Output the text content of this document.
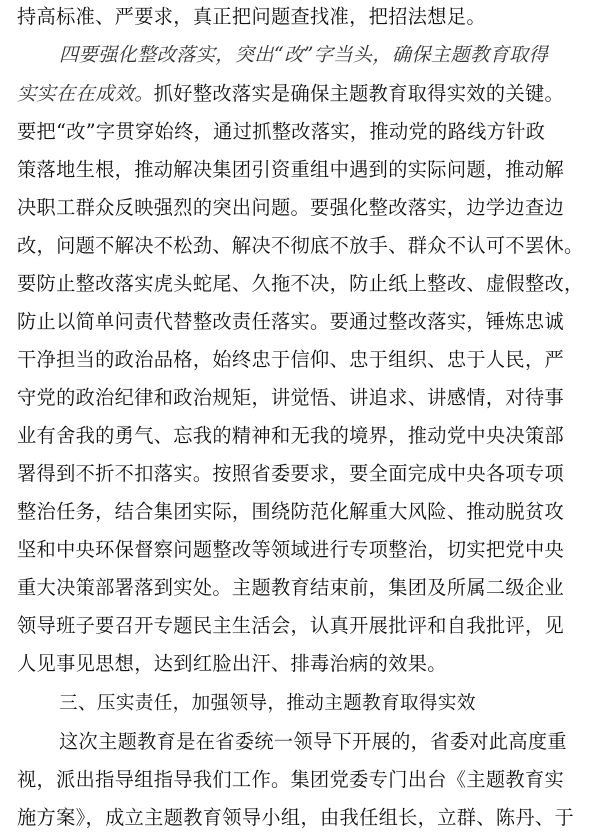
持高标准、严要求，真正把问题查找准，把招法想足。
四要强化整改落实，突出“改”字当头，确保主题教育取得
实实在在成效。抓好整改落实是确保主题教育取得实效的关键。
要把“改”字贯穿始终，通过抓整改落实，推动党的路线方针政
策落地生根，推动解决集团引资重组中遇到的实际问题，推动解
决职工群众反映强烈的突出问题。要强化整改落实，边学边查边
改，问题不解决不松劲、解决不彻底不放手、群众不认可不罢休。
要防止整改落实虎头蛇尾、久拖不决，防止纸上整改、虚假整改，
防止以简单问责代替整改责任落实。要通过整改落实，锤炼忠诚
干净担当的政治品格，始终忠于信仰、忠于组织、忠于人民，严
守党的政治纪律和政治规矩，讲觉悟、讲追求、讲感情，对待事
业有舍我的勇气、忘我的精神和无我的境界，推动党中央决策部
署得到不折不扣落实。按照省委要求，要全面完成中央各项专项
整治任务，结合集团实际，围绕防范化解重大风险、推动脱贫攻
坚和中央环保督察问题整改等领域进行专项整治，切实把党中央
重大决策部署落到实处。主题教育结束前，集团及所属二级企业
领导班子要召开专题民主生活会，认真开展批评和自我批评，见
人见事见思想，达到红脸出汗、排毒治病的效果。
三、压实责任，加强领导，推动主题教育取得实效
这次主题教育是在省委统一领导下开展的，省委对此高度重
视，派出指导组指导我们工作。集团党委专门出台《主题教育实
施方案》，成立主题教育领导小组，由我任组长，立群、陈丹、于
